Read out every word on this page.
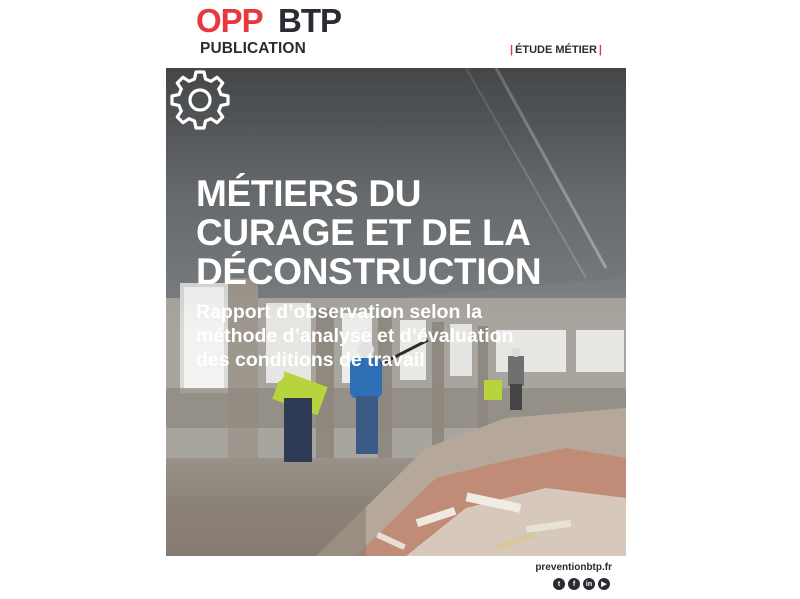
OPP BTP
PUBLICATION	| ÉTUDE MÉTIER |
MÉTIERS DU
CURAGE ET DE LA
DÉCONSTRUCTION
Rapport d’observation selon la
méthode d’analyse et d’évaluation
des conditions de travail
preventionbtp.fr
t	f	in	▶
